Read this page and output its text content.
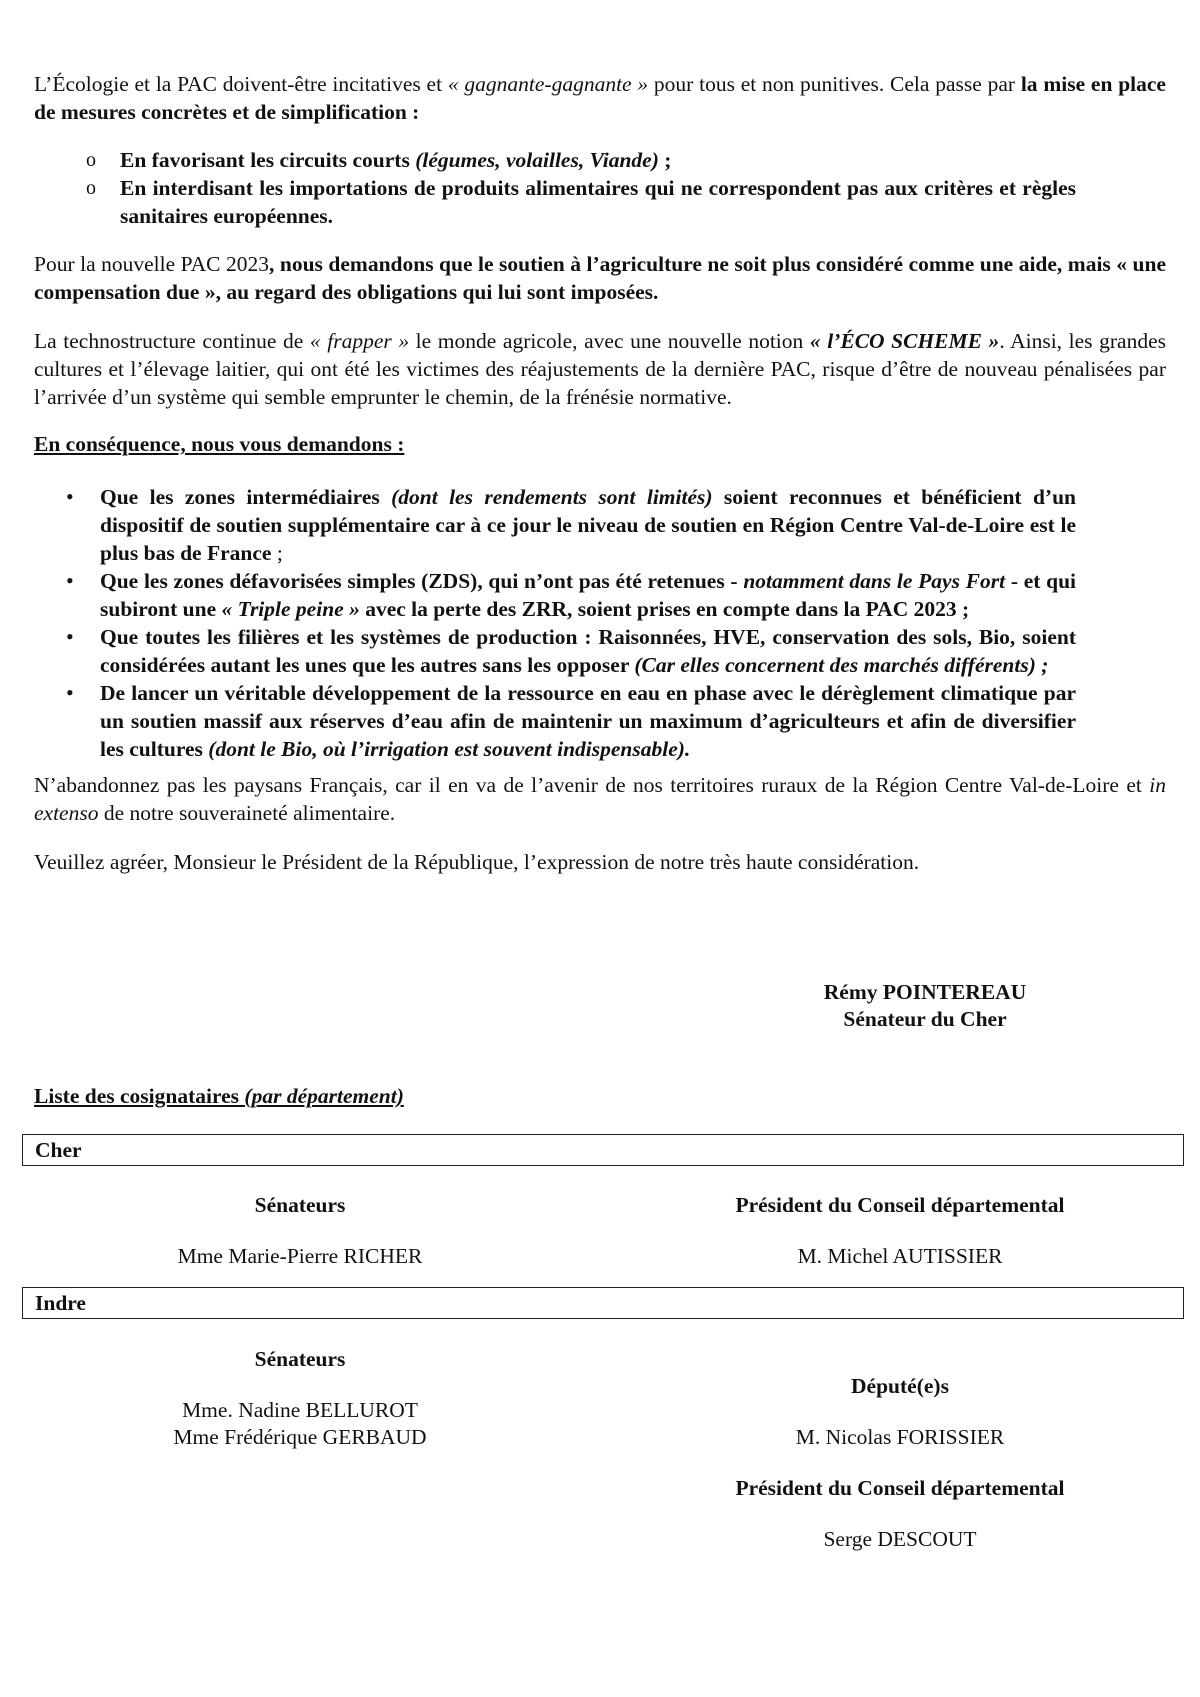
L’Écologie et la PAC doivent-être incitatives et « gagnante-gagnante » pour tous et non punitives. Cela passe par la mise en place de mesures concrètes et de simplification :

o En favorisant les circuits courts (légumes, volailles, Viande) ;
o En interdisant les importations de produits alimentaires qui ne correspondent pas aux critères et règles sanitaires européennes.

Pour la nouvelle PAC 2023, nous demandons que le soutien à l’agriculture ne soit plus considéré comme une aide, mais « une compensation due », au regard des obligations qui lui sont imposées.

La technostructure continue de « frapper » le monde agricole, avec une nouvelle notion « l’ÉCO SCHEME ». Ainsi, les grandes cultures et l’élevage laitier, qui ont été les victimes des réajustements de la dernière PAC, risque d’être de nouveau pénalisées par l’arrivée d’un système qui semble emprunter le chemin, de la frénésie normative.

En conséquence, nous vous demandons :

• Que les zones intermédiaires (dont les rendements sont limités) soient reconnues et bénéficient d’un dispositif de soutien supplémentaire car à ce jour le niveau de soutien en Région Centre Val-de-Loire est le plus bas de France ;
• Que les zones défavorisées simples (ZDS), qui n’ont pas été retenues - notamment dans le Pays Fort - et qui subiront une « Triple peine » avec la perte des ZRR, soient prises en compte dans la PAC 2023 ;
• Que toutes les filières et les systèmes de production : Raisonnées, HVE, conservation des sols, Bio, soient considérées autant les unes que les autres sans les opposer (Car elles concernent des marchés différents) ;
• De lancer un véritable développement de la ressource en eau en phase avec le dérèglement climatique par un soutien massif aux réserves d’eau afin de maintenir un maximum d’agriculteurs et afin de diversifier les cultures (dont le Bio, où l’irrigation est souvent indispensable).

N’abandonnez pas les paysans Français, car il en va de l’avenir de nos territoires ruraux de la Région Centre Val-de-Loire et in extenso de notre souveraineté alimentaire.

Veuillez agréer, Monsieur le Président de la République, l’expression de notre très haute considération.

Rémy POINTEREAU
Sénateur du Cher

Liste des cosignataires (par département)

Cher
Sénateurs
Mme Marie-Pierre RICHER
Président du Conseil départemental
M. Michel AUTISSIER
Indre
Sénateurs
Mme. Nadine BELLUROT
Mme Frédérique GERBAUD
Député(e)s
M. Nicolas FORISSIER
Président du Conseil départemental
Serge DESCOUT
